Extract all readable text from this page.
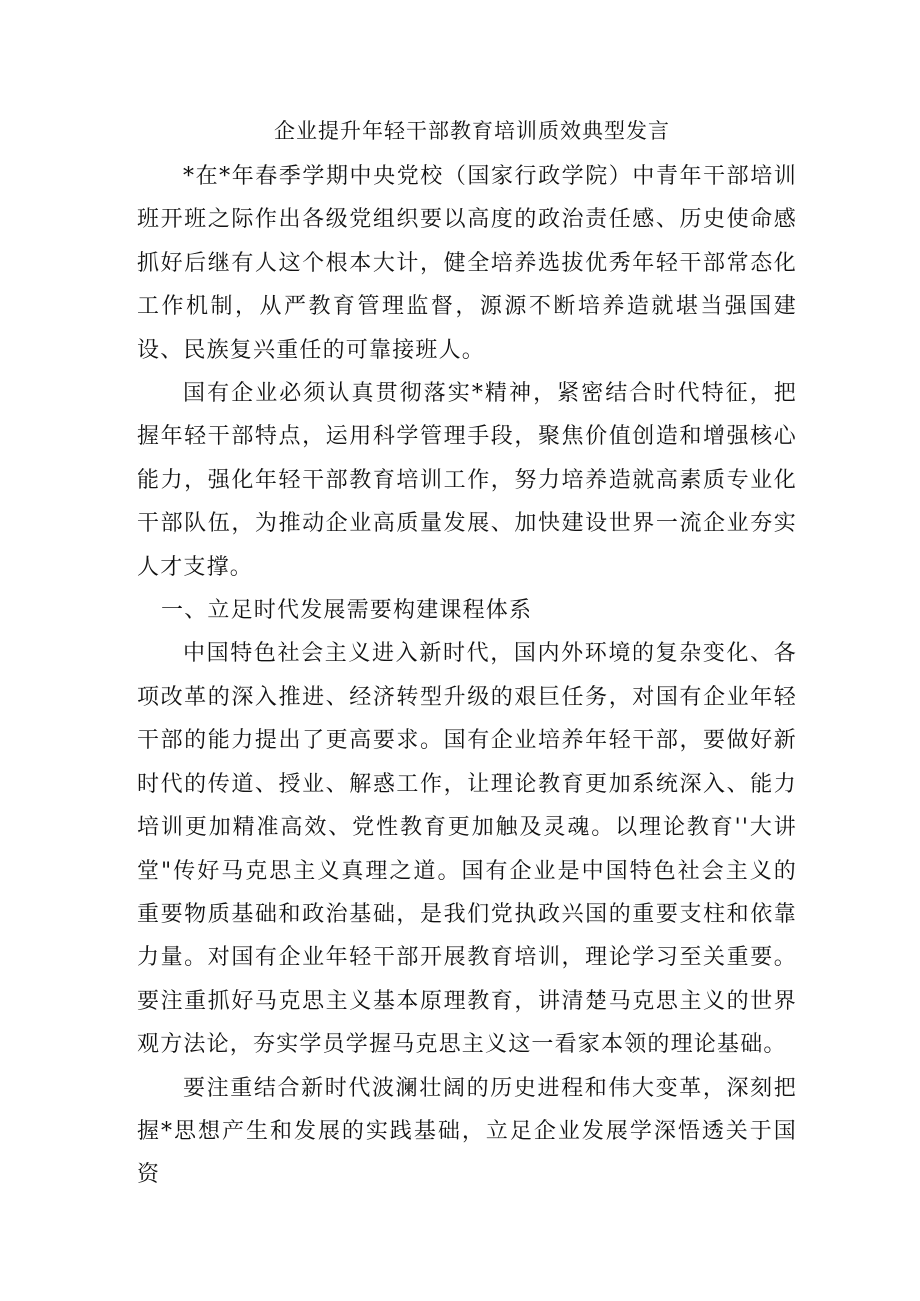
企业提升年轻干部教育培训质效典型发言

*在*年春季学期中央党校（国家行政学院）中青年干部培训班开班之际作出各级党组织要以高度的政治责任感、历史使命感抓好后继有人这个根本大计，健全培养选拔优秀年轻干部常态化工作机制，从严教育管理监督，源源不断培养造就堪当强国建设、民族复兴重任的可靠接班人。

国有企业必须认真贯彻落实*精神，紧密结合时代特征，把握年轻干部特点，运用科学管理手段，聚焦价值创造和增强核心能力，强化年轻干部教育培训工作，努力培养造就高素质专业化干部队伍，为推动企业高质量发展、加快建设世界一流企业夯实人才支撑。

一、立足时代发展需要构建课程体系

中国特色社会主义进入新时代，国内外环境的复杂变化、各项改革的深入推进、经济转型升级的艰巨任务，对国有企业年轻干部的能力提出了更高要求。国有企业培养年轻干部，要做好新时代的传道、授业、解惑工作，让理论教育更加系统深入、能力培训更加精准高效、党性教育更加触及灵魂。以理论教育''大讲堂"传好马克思主义真理之道。国有企业是中国特色社会主义的重要物质基础和政治基础，是我们党执政兴国的重要支柱和依靠力量。对国有企业年轻干部开展教育培训，理论学习至关重要。要注重抓好马克思主义基本原理教育，讲清楚马克思主义的世界观方法论，夯实学员学握马克思主义这一看家本领的理论基础。

要注重结合新时代波澜壮阔的历史进程和伟大变革，深刻把握*思想产生和发展的实践基础，立足企业发展学深悟透关于国资
